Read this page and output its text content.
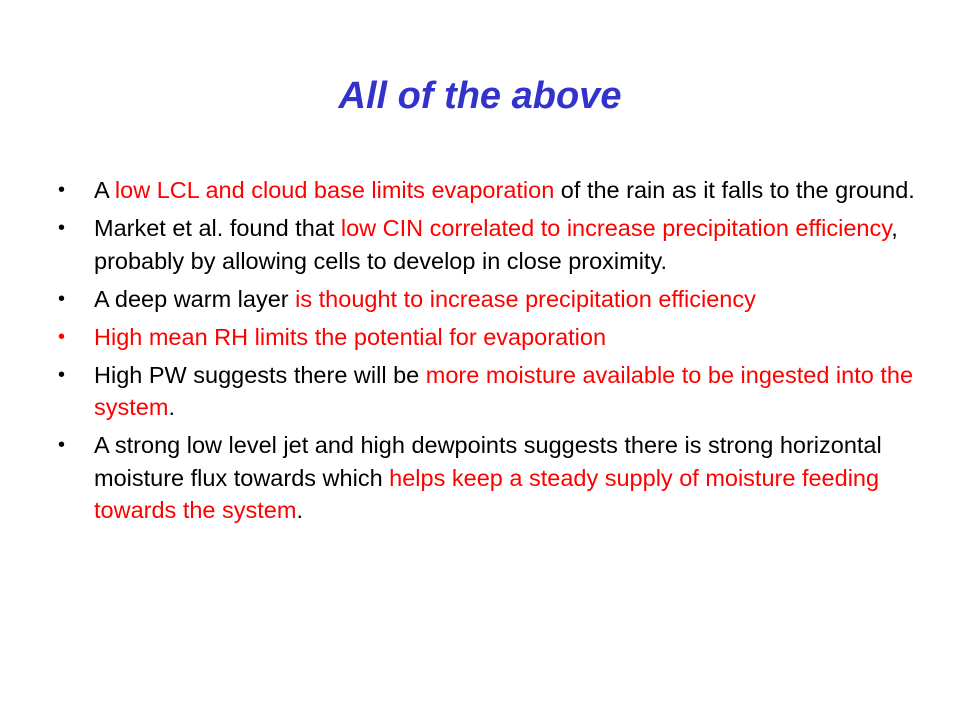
All of the above
• A low LCL and cloud base limits evaporation of the rain as it falls to the ground.
• Market et al. found that low CIN correlated to increase precipitation efficiency, probably by allowing cells to develop in close proximity.
• A deep warm layer is thought to increase precipitation efficiency
• High mean RH limits the potential for evaporation
• High PW suggests there will be more moisture available to be ingested into the system.
• A strong low level jet and high dewpoints suggests there is strong horizontal moisture flux towards which helps keep a steady supply of moisture feeding towards the system.
